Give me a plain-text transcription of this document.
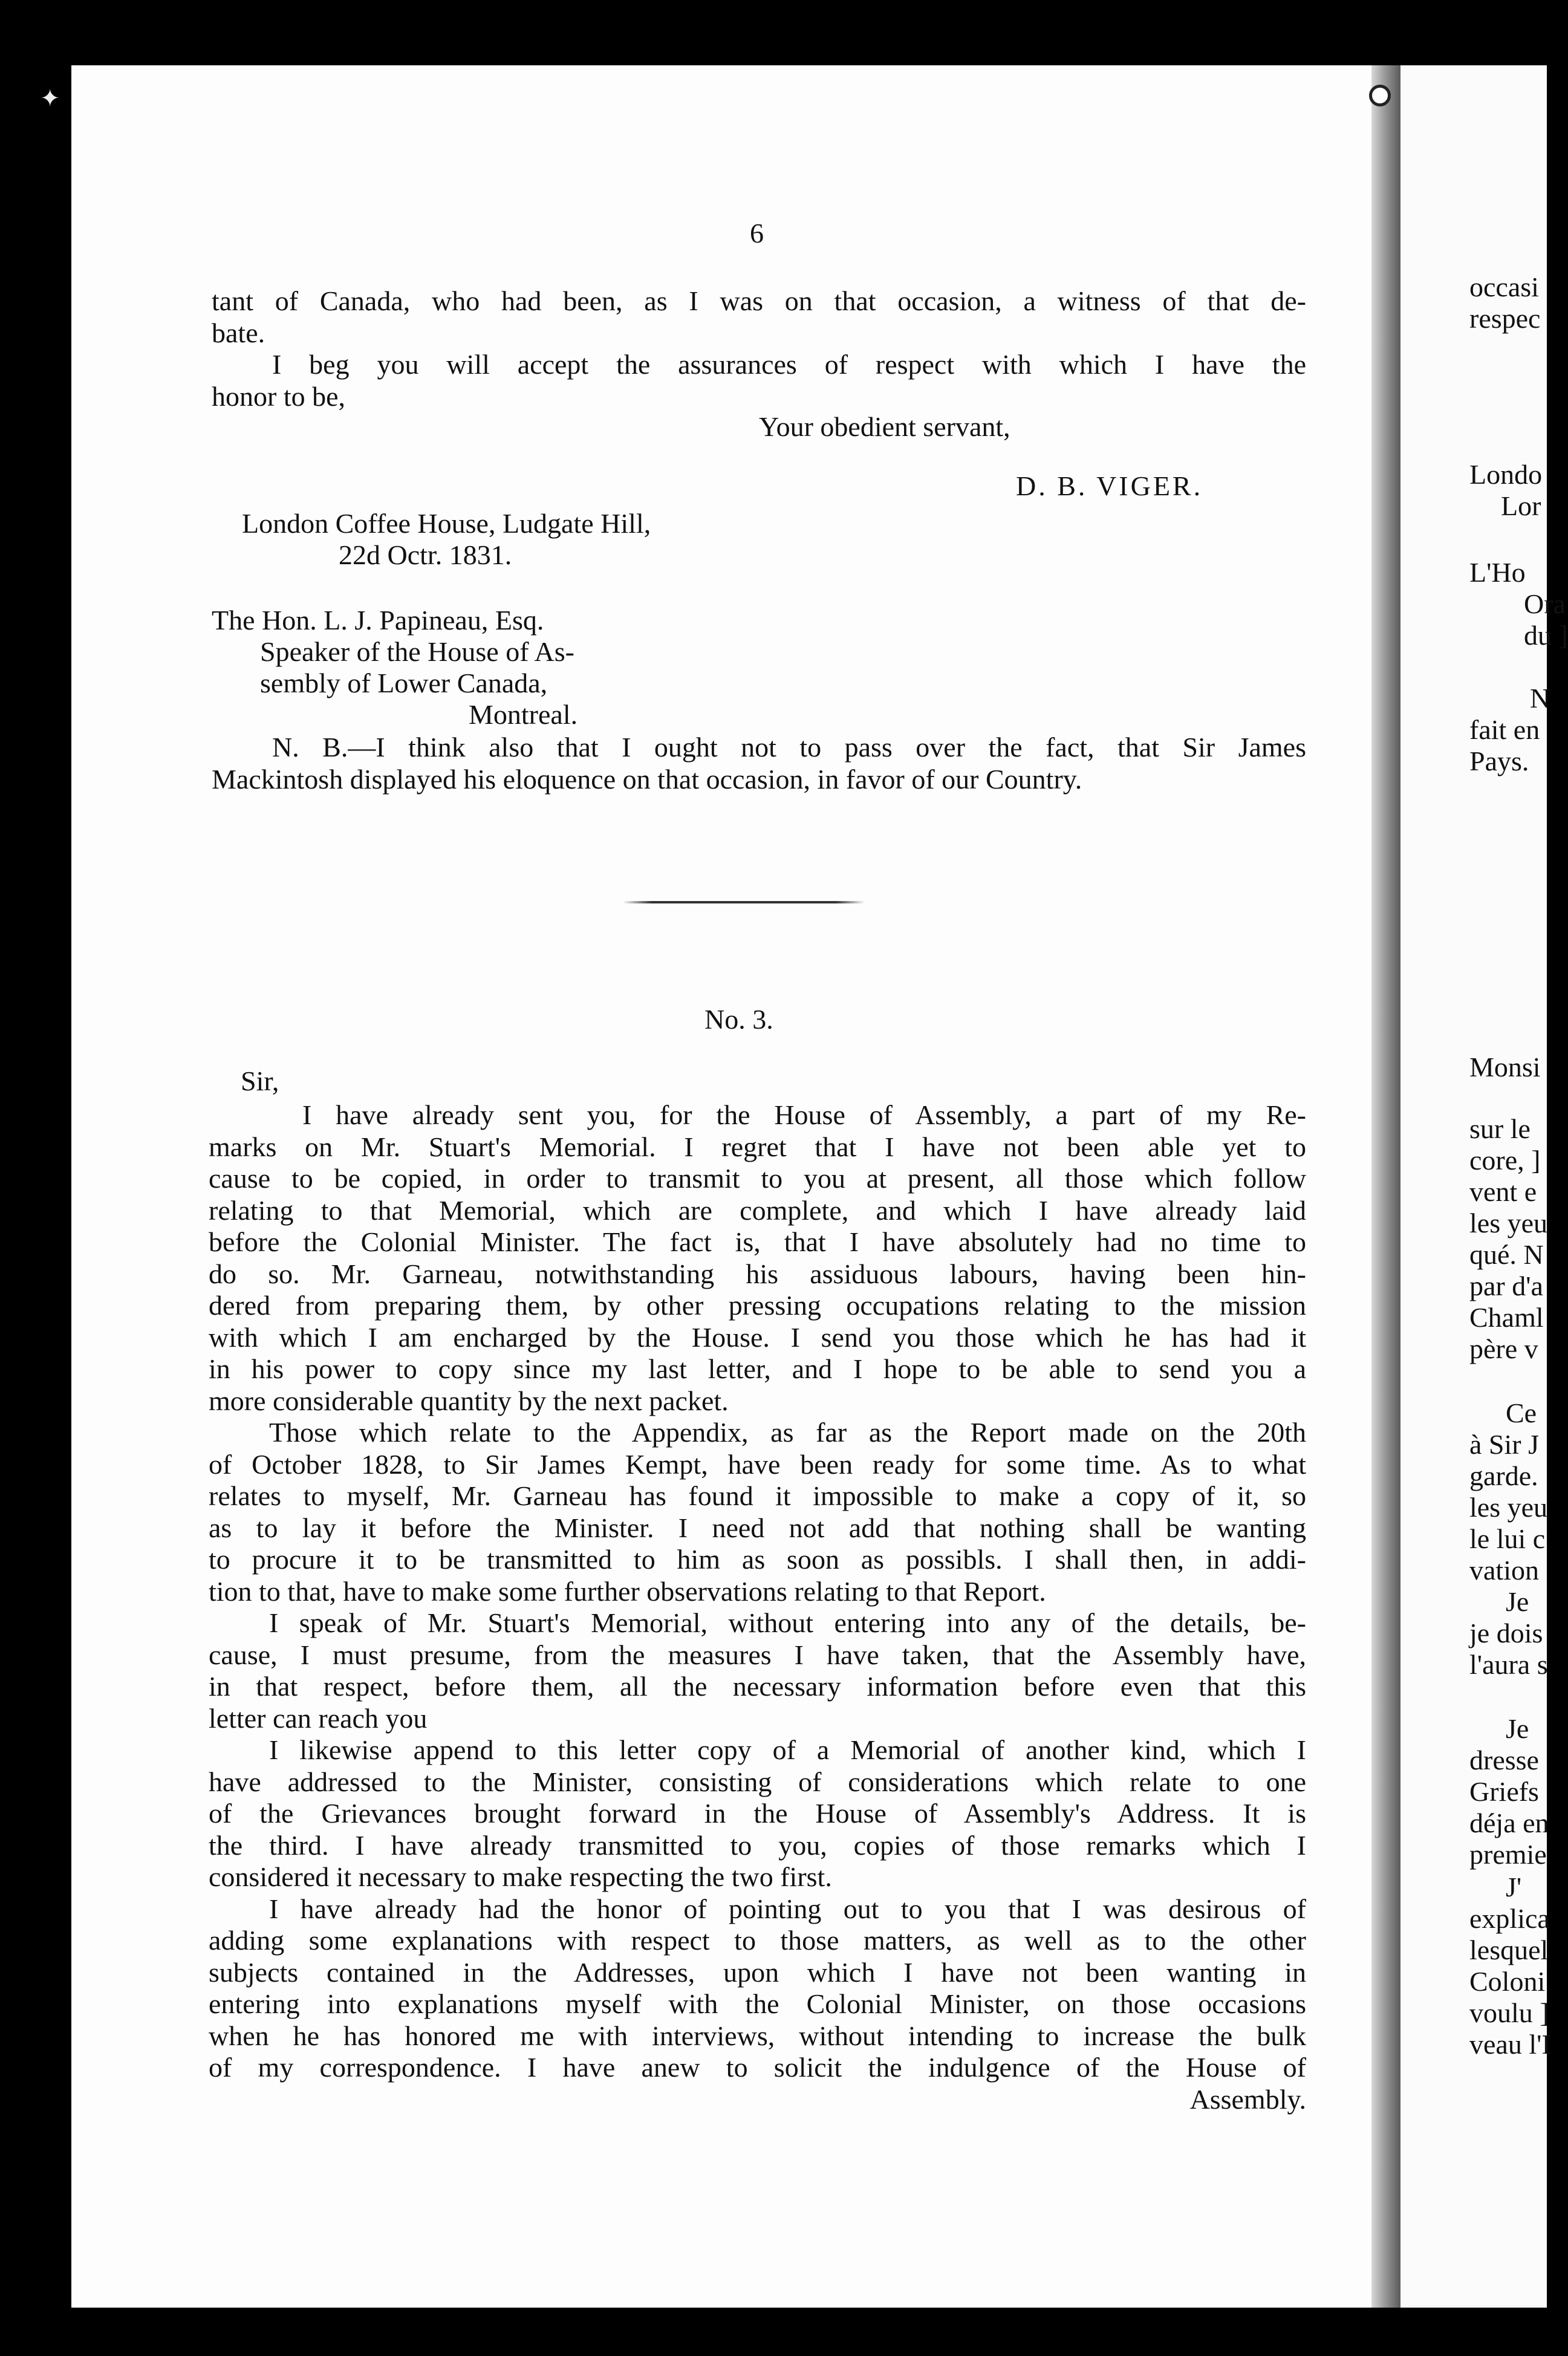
✦
6
tant of Canada, who had been, as I was on that occasion, a witness of that de-
bate.
I beg you will accept the assurances of respect with which I have the
honor to be,
Your obedient servant,
D. B. VIGER.
London Coffee House, Ludgate Hill,
22d Octr. 1831.
The Hon. L. J. Papineau, Esq.
Speaker of the House of As-
sembly of Lower Canada,
Montreal.
N. B.—I think also that I ought not to pass over the fact, that Sir James
Mackintosh displayed his eloquence on that occasion, in favor of our Country.
No. 3.
Sir,
I have already sent you, for the House of Assembly, a part of my Re-
marks on Mr. Stuart's Memorial. I regret that I have not been able yet to
cause to be copied, in order to transmit to you at present, all those which follow
relating to that Memorial, which are complete, and which I have already laid
before the Colonial Minister. The fact is, that I have absolutely had no time to
do so. Mr. Garneau, notwithstanding his assiduous labours, having been hin-
dered from preparing them, by other pressing occupations relating to the mission
with which I am encharged by the House. I send you those which he has had it
in his power to copy since my last letter, and I hope to be able to send you a
more considerable quantity by the next packet.
Those which relate to the Appendix, as far as the Report made on the 20th
of October 1828, to Sir James Kempt, have been ready for some time. As to what
relates to myself, Mr. Garneau has found it impossible to make a copy of it, so
as to lay it before the Minister. I need not add that nothing shall be wanting
to procure it to be transmitted to him as soon as possibls. I shall then, in addi-
tion to that, have to make some further observations relating to that Report.
I speak of Mr. Stuart's Memorial, without entering into any of the details, be-
cause, I must presume, from the measures I have taken, that the Assembly have,
in that respect, before them, all the necessary information before even that this
letter can reach you
I likewise append to this letter copy of a Memorial of another kind, which I
have addressed to the Minister, consisting of considerations which relate to one
of the Grievances brought forward in the House of Assembly's Address. It is
the third. I have already transmitted to you, copies of those remarks which I
considered it necessary to make respecting the two first.
I have already had the honor of pointing out to you that I was desirous of
adding some explanations with respect to those matters, as well as to the other
subjects contained in the Addresses, upon which I have not been wanting in
entering into explanations myself with the Colonial Minister, on those occasions
when he has honored me with interviews, without intending to increase the bulk
of my correspondence. I have anew to solicit the indulgence of the House of
Assembly.
occasi
respec
Londo
Lor
L'Ho
Ora
du ]
N
fait en
Pays.
Monsi
sur le
core, ]
vent e
les yeu
qué. N
par d'a
Chaml
père v
Ce
à Sir J
garde.
les yeu
le lui c
vation
Je
je dois
l'aura s
Je
dresse
Griefs
déja en
premie
J'
explica
lesquel
Coloni
voulu ]
veau l'I
